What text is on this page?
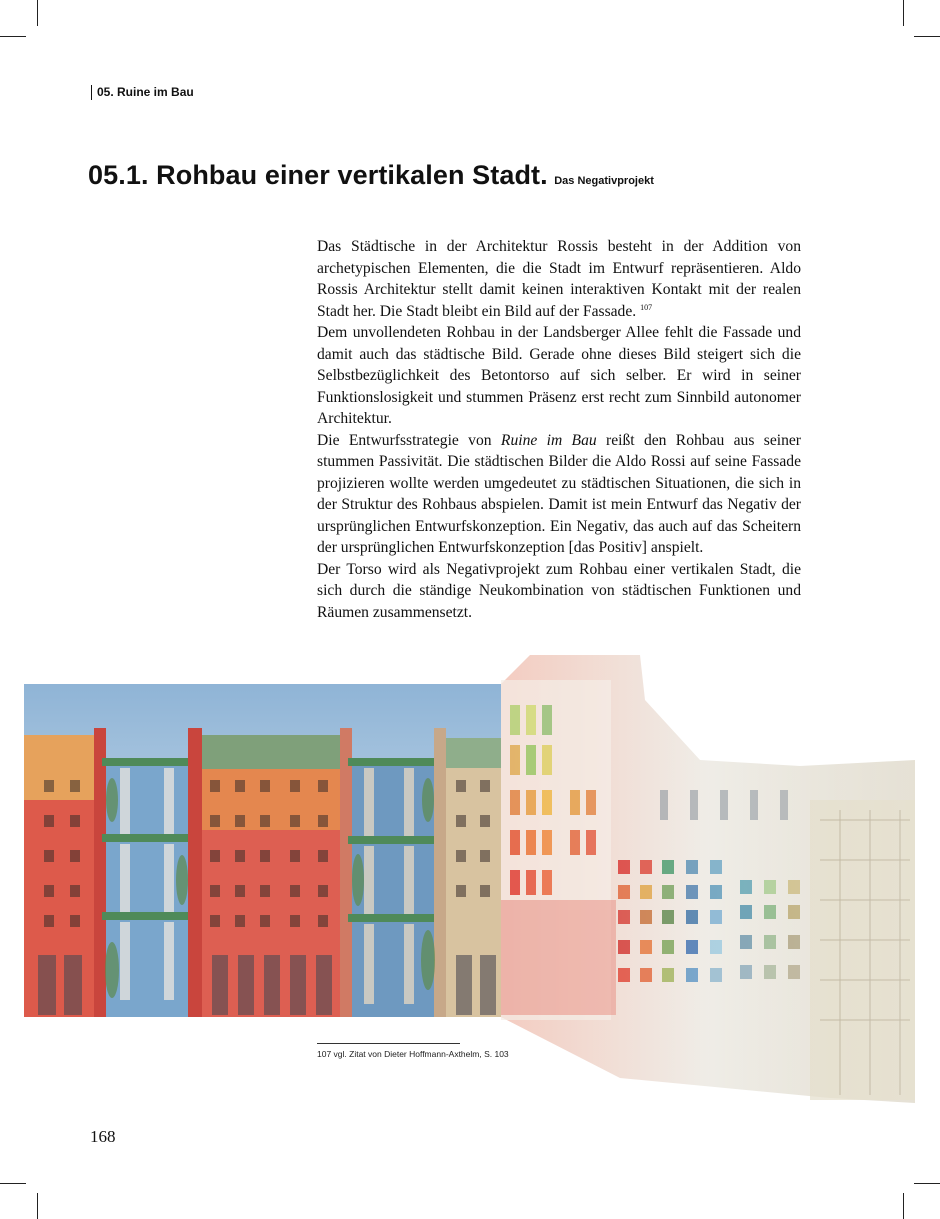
05. Ruine im Bau
05.1. Rohbau einer vertikalen Stadt. Das Negativprojekt

Das Städtische in der Architektur Rossis besteht in der Addition von archetypischen Elementen, die die Stadt im Entwurf repräsentieren. Aldo Rossis Architektur stellt damit keinen interaktiven Kontakt mit der realen Stadt her. Die Stadt bleibt ein Bild auf der Fassade. $^{107}$

Dem unvollendeten Rohbau in der Landsberger Allee fehlt die Fassade und damit auch das städtische Bild. Gerade ohne dieses Bild steigert sich die Selbstbezüglichkeit des Betontorso auf sich selber. Er wird in seiner Funktionslosigkeit und stummen Präsenz erst recht zum Sinnbild autonomer Architektur.

Die Entwurfsstrategie von Ruine im Bau reißt den Rohbau aus seiner stummen Passivität. Die städtischen Bilder die Aldo Rossi auf seine Fassade projizieren wollte werden umgedeutet zu städtischen Situationen, die sich in der Struktur des Rohbaus abspielen. Damit ist mein Entwurf das Negativ der ursprünglichen Entwurfskonzeption. Ein Negativ, das auch auf das Scheitern der ursprünglichen Entwurfskonzeption [das Positiv] anspielt.

Der Torso wird als Negativprojekt zum Rohbau einer vertikalen Stadt, die sich durch die ständige Neukombination von städtischen Funktionen und Räumen zusammensetzt.

107 vgl. Zitat von Dieter Hoffmann-Axthelm, S. 103
168
